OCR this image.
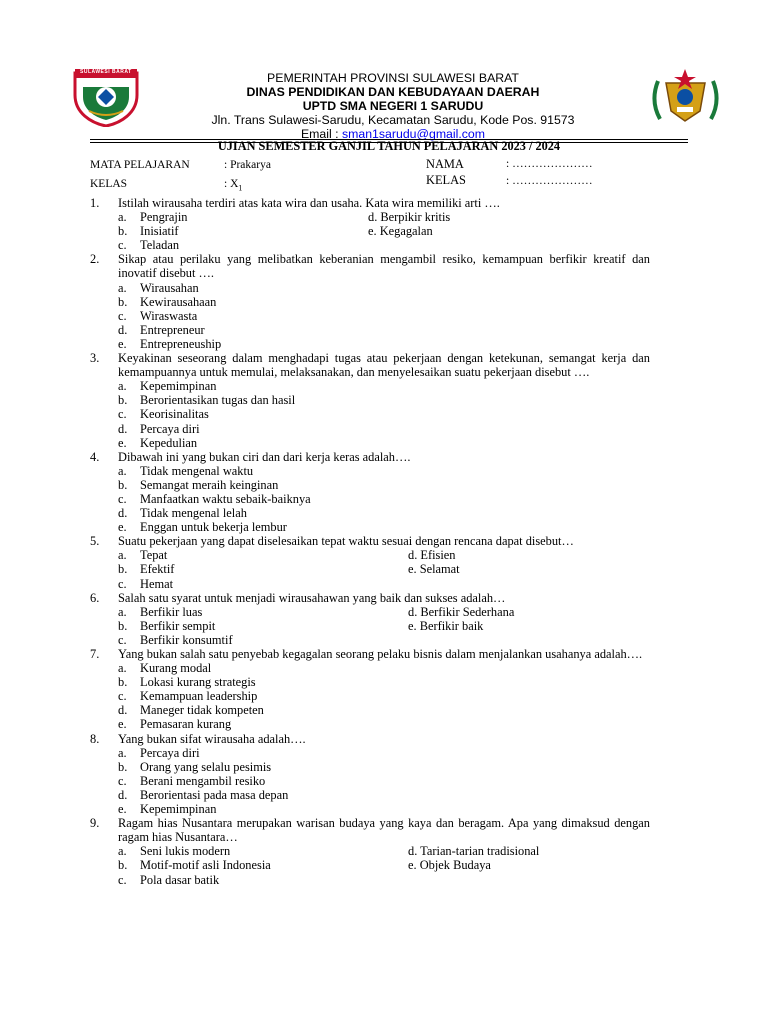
SULAWESI BARAT	PEMERINTAH PROVINSI SULAWESI BARAT
DINAS PENDIDIKAN DAN KEBUDAYAAN DAERAH
UPTD SMA NEGERI 1 SARUDU
Jln. Trans Sulawesi-Sarudu, Kecamatan Sarudu, Kode Pos. 91573
Email : sman1sarudu@gmail.com
UJIAN SEMESTER GANJIL TAHUN PELAJARAN 2023 / 2024
MATA PELAJARAN	: Prakarya
KELAS	: $X_1$
NAMA	: …………………
KELAS	: …………………
1. Istilah wirausaha terdiri atas kata wira dan usaha. Kata wira memiliki arti ….
a. Pengrajin	d. Berpikir kritis
b. Inisiatif	e. Kegagalan
c. Teladan
2. Sikap atau perilaku yang melibatkan keberanian mengambil resiko, kemampuan berfikir kreatif dan inovatif disebut ….
a. Wirausahan
b. Kewirausahaan
c. Wiraswasta
d. Entrepreneur
e. Entrepreneuship
3. Keyakinan seseorang dalam menghadapi tugas atau pekerjaan dengan ketekunan, semangat kerja dan kemampuannya untuk memulai, melaksanakan, dan menyelesaikan suatu pekerjaan disebut ….
a. Kepemimpinan
b. Berorientasikan tugas dan hasil
c. Keorisinalitas
d. Percaya diri
e. Kepedulian
4. Dibawah ini yang bukan ciri dan dari kerja keras adalah….
a. Tidak mengenal waktu
b. Semangat meraih keinginan
c. Manfaatkan waktu sebaik-baiknya
d. Tidak mengenal lelah
e. Enggan untuk bekerja lembur
5. Suatu pekerjaan yang dapat diselesaikan tepat waktu sesuai dengan rencana dapat disebut…
a. Tepat	d. Efisien
b. Efektif	e. Selamat
c. Hemat
6. Salah satu syarat untuk menjadi wirausahawan yang baik dan sukses adalah…
a. Berfikir luas	d. Berfikir Sederhana
b. Berfikir sempit	e. Berfikir baik
c. Berfikir konsumtif
7. Yang bukan salah satu penyebab kegagalan seorang pelaku bisnis dalam menjalankan usahanya adalah….
a. Kurang modal
b. Lokasi kurang strategis
c. Kemampuan leadership
d. Maneger tidak kompeten
e. Pemasaran kurang
8. Yang bukan sifat wirausaha adalah….
a. Percaya diri
b. Orang yang selalu pesimis
c. Berani mengambil resiko
d. Berorientasi pada masa depan
e. Kepemimpinan
9. Ragam hias Nusantara merupakan warisan budaya yang kaya dan beragam. Apa yang dimaksud dengan ragam hias Nusantara…
a. Seni lukis modern	d. Tarian-tarian tradisional
b. Motif-motif asli Indonesia	e. Objek Budaya
c. Pola dasar batik
